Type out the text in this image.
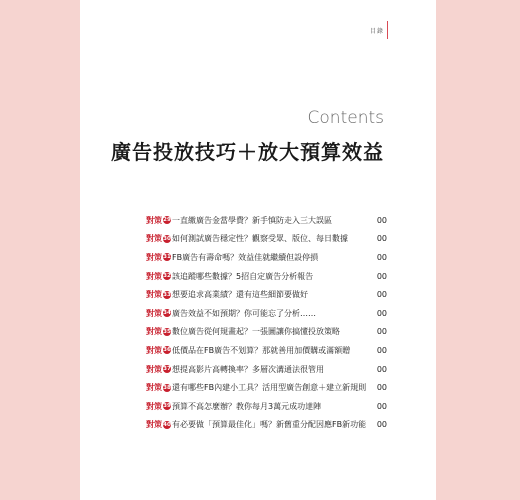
目錄
Contents
廣告投放技巧＋放大預算效益
對策29 一直繳廣告金當學費？新手慎防走入三大誤區	00
對策30 如何測試廣告穩定性？觀察受眾、版位、每日數據	00
對策31 FB廣告有壽命嗎？效益佳就繼續但設停損	00
對策32 該追蹤哪些數據？5招自定廣告分析報告	00
對策33 想要追求高業績？還有這些細節要做好	00
對策34 廣告效益不如預期？你可能忘了分析……	00
對策35 數位廣告從何規畫起？一張圖讓你搞懂投放策略	00
對策36 低價品在FB廣告不划算？那就善用加價購或滿額贈	00
對策37 想提高影片高轉換率？多層次溝通法很管用	00
對策38 還有哪些FB內建小工具？活用型廣告創意＋建立新規則	00
對策39 預算不高怎麼辦？教你每月3萬元成功達陣	00
對策40 有必要做「預算最佳化」嗎？新舊重分配因應FB新功能	00
